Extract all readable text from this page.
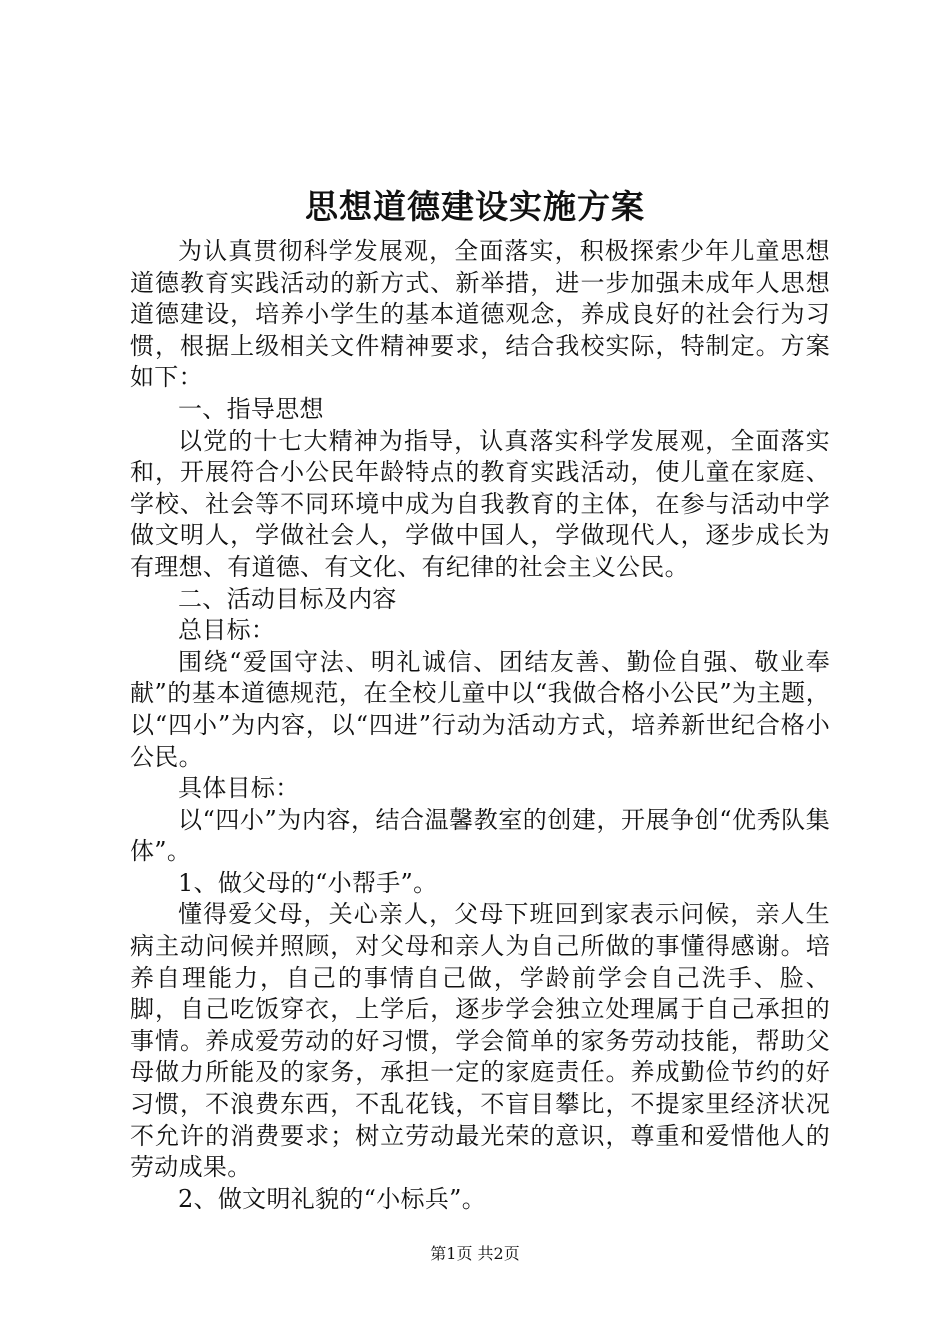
思想道德建设实施方案

为认真贯彻科学发展观，全面落实，积极探索少年儿童思想道德教育实践活动的新方式、新举措，进一步加强未成年人思想道德建设，培养小学生的基本道德观念，养成良好的社会行为习惯，根据上级相关文件精神要求，结合我校实际，特制定。方案如下：

一、指导思想

以党的十七大精神为指导，认真落实科学发展观，全面落实和，开展符合小公民年龄特点的教育实践活动，使儿童在家庭、学校、社会等不同环境中成为自我教育的主体，在参与活动中学做文明人，学做社会人，学做中国人，学做现代人，逐步成长为有理想、有道德、有文化、有纪律的社会主义公民。

二、活动目标及内容

总目标：

围绕“爱国守法、明礼诚信、团结友善、勤俭自强、敬业奉献”的基本道德规范，在全校儿童中以“我做合格小公民”为主题，以“四小”为内容，以“四进”行动为活动方式，培养新世纪合格小公民。

具体目标：

以“四小”为内容，结合温馨教室的创建，开展争创“优秀队集体”。

1、做父母的“小帮手”。

懂得爱父母，关心亲人，父母下班回到家表示问候，亲人生病主动问候并照顾，对父母和亲人为自己所做的事懂得感谢。培养自理能力，自己的事情自己做，学龄前学会自己洗手、脸、脚，自己吃饭穿衣，上学后，逐步学会独立处理属于自己承担的事情。养成爱劳动的好习惯，学会简单的家务劳动技能，帮助父母做力所能及的家务，承担一定的家庭责任。养成勤俭节约的好习惯，不浪费东西，不乱花钱，不盲目攀比，不提家里经济状况不允许的消费要求；树立劳动最光荣的意识，尊重和爱惜他人的劳动成果。

2、做文明礼貌的“小标兵”。

第1页 共2页
